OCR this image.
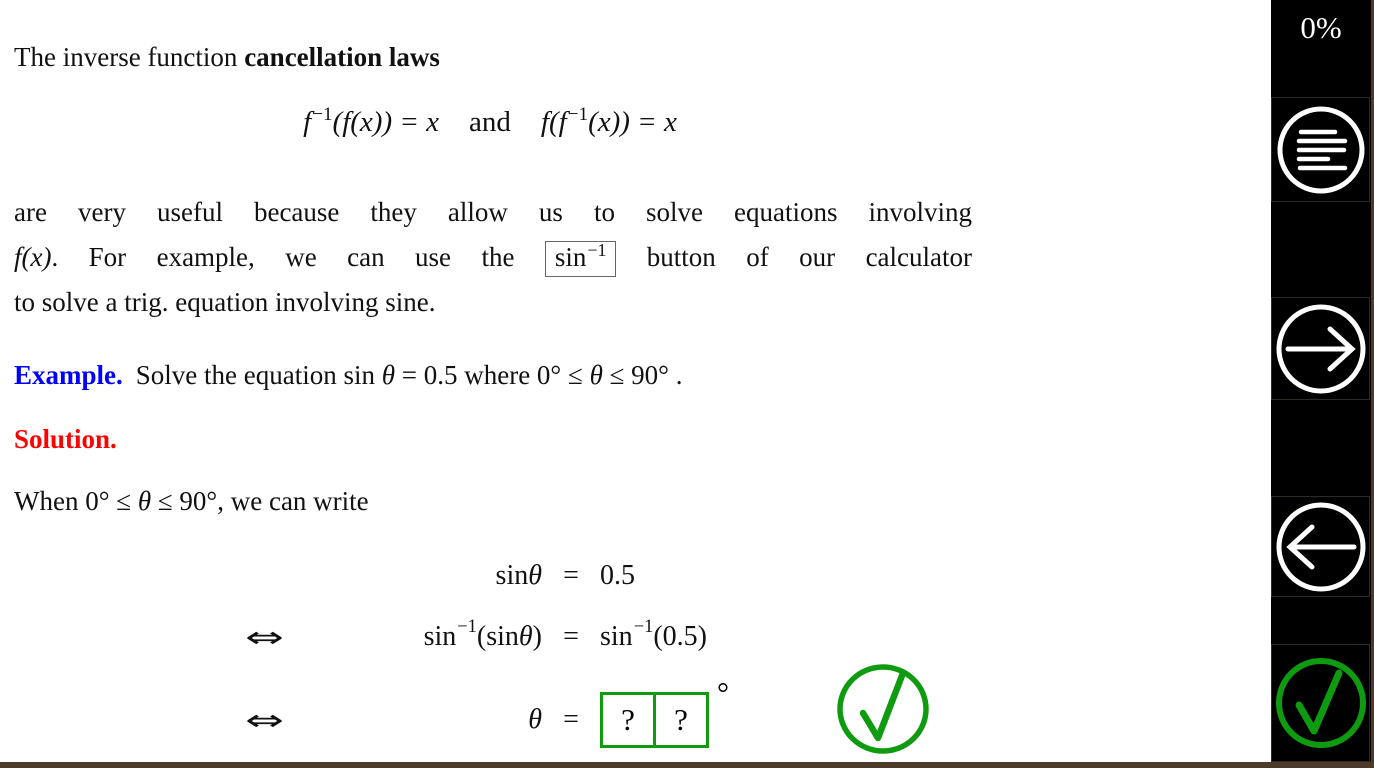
The inverse function cancellation laws
$f^{-1}(f(x)) = x$ and $f(f^{-1}(x)) = x$
are very useful because they allow us to solve equations involving
f(x). For example, we can use the $\sin^{-1}$ button of our calculator
to solve a trig. equation involving sine.
Example. Solve the equation sin θ = 0.5 where 0° ≤ θ ≤ 90° .
Solution.
When 0° ≤ θ ≤ 90°, we can write
sin θ = 0.5
⇔	sin −1 (sin θ ) = sin −1 (0.5)
⇔	θ =	?	?
°
0%
